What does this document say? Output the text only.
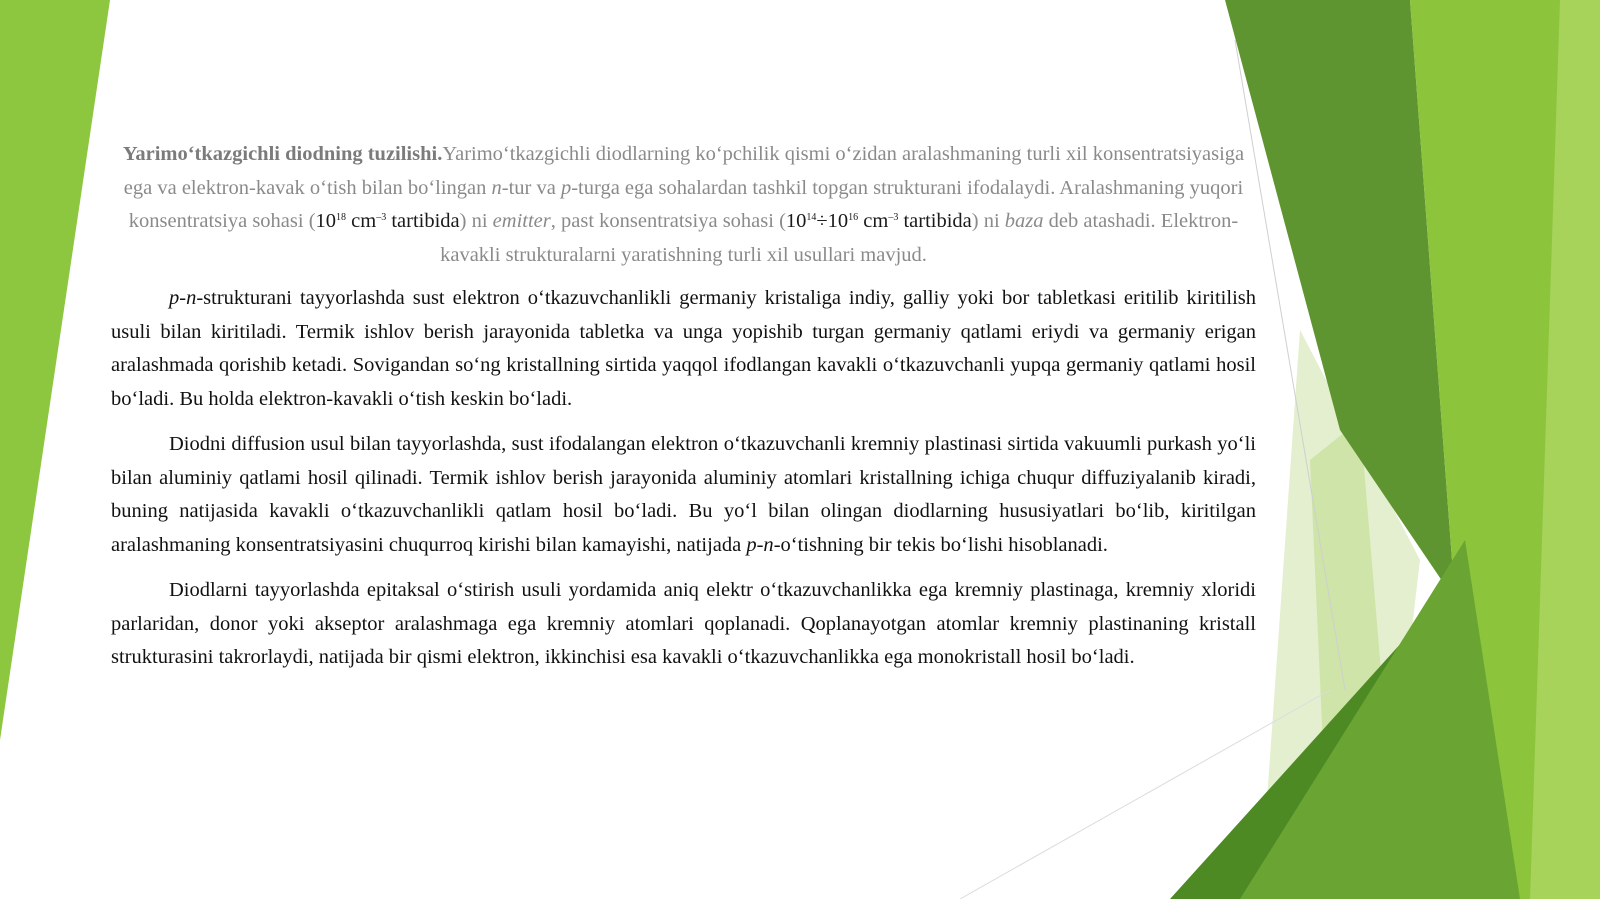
Yarimo‘tkazgichli diodning tuzilishi.Yarimo‘tkazgichli diodlarning ko‘pchilik qismi o‘zidan aralashmaning turli xil konsentratsiyasiga ega va elektron-kavak o‘tish bilan bo‘lingan n-tur va p-turga ega sohalardan tashkil topgan strukturani ifodalaydi. Aralashmaning yuqori konsentratsiya sohasi ($10^{18}$ $cm^{-3}$ tartibida) ni emitter, past konsentratsiya sohasi ($10^{14}\div 10^{16}$ $cm^{-3}$ tartibida) ni baza deb atashadi. Elektron-kavakli strukturalarni yaratishning turli xil usullari mavjud.

p-n-strukturani tayyorlashda sust elektron o‘tkazuvchanlikli germaniy kristaliga indiy, galliy yoki bor tabletkasi eritilib kiritilish usuli bilan kiritiladi. Termik ishlov berish jarayonida tabletka va unga yopishib turgan germaniy qatlami eriydi va germaniy erigan aralashmada qorishib ketadi. Sovigandan so‘ng kristallning sirtida yaqqol ifodlangan kavakli o‘tkazuvchanli yupqa germaniy qatlami hosil bo‘ladi. Bu holda elektron-kavakli o‘tish keskin bo‘ladi.

Diodni diffusion usul bilan tayyorlashda, sust ifodalangan elektron o‘tkazuvchanli kremniy plastinasi sirtida vakuumli purkash yo‘li bilan aluminiy qatlami hosil qilinadi. Termik ishlov berish jarayonida aluminiy atomlari kristallning ichiga chuqur diffuziyalanib kiradi, buning natijasida kavakli o‘tkazuvchanlikli qatlam hosil bo‘ladi. Bu yo‘l bilan olingan diodlarning hususiyatlari bo‘lib, kiritilgan aralashmaning konsentratsiyasini chuqurroq kirishi bilan kamayishi, natijada p-n-o‘tishning bir tekis bo‘lishi hisoblanadi.

Diodlarni tayyorlashda epitaksal o‘stirish usuli yordamida aniq elektr o‘tkazuvchanlikka ega kremniy plastinaga, kremniy xloridi parlaridan, donor yoki akseptor aralashmaga ega kremniy atomlari qoplanadi. Qoplanayotgan atomlar kremniy plastinaning kristall strukturasini takrorlaydi, natijada bir qismi elektron, ikkinchisi esa kavakli o‘tkazuvchanlikka ega monokristall hosil bo‘ladi.
